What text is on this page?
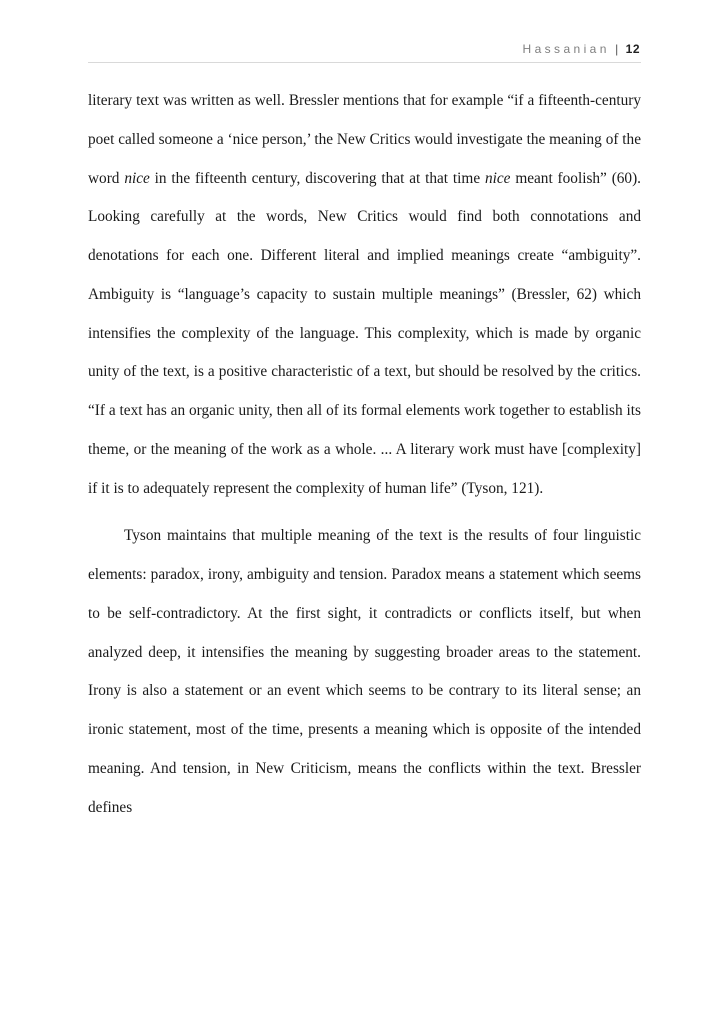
Hassanian | 12

literary text was written as well. Bressler mentions that for example “if a fifteenth-century poet called someone a ‘nice person,’ the New Critics would investigate the meaning of the word nice in the fifteenth century, discovering that at that time nice meant foolish” (60). Looking carefully at the words, New Critics would find both connotations and denotations for each one. Different literal and implied meanings create “ambiguity”. Ambiguity is “language’s capacity to sustain multiple meanings” (Bressler, 62) which intensifies the complexity of the language. This complexity, which is made by organic unity of the text, is a positive characteristic of a text, but should be resolved by the critics. “If a text has an organic unity, then all of its formal elements work together to establish its theme, or the meaning of the work as a whole. ... A literary work must have [complexity] if it is to adequately represent the complexity of human life” (Tyson, 121).

Tyson maintains that multiple meaning of the text is the results of four linguistic elements: paradox, irony, ambiguity and tension. Paradox means a statement which seems to be self-contradictory. At the first sight, it contradicts or conflicts itself, but when analyzed deep, it intensifies the meaning by suggesting broader areas to the statement. Irony is also a statement or an event which seems to be contrary to its literal sense; an ironic statement, most of the time, presents a meaning which is opposite of the intended meaning. And tension, in New Criticism, means the conflicts within the text. Bressler defines
